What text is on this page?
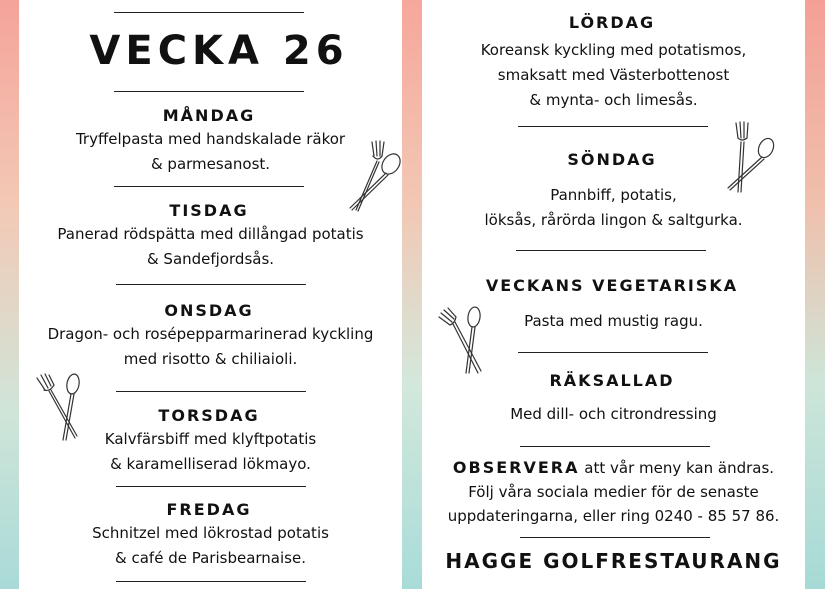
VECKA 26
MÅNDAG
Tryffelpasta med handskalade räkor
& parmesanost.
TISDAG
Panerad rödspätta med dillångad potatis
& Sandefjordsås.
ONSDAG
Dragon- och rosépepparmarinerad kyckling
med risotto & chiliaioli.
TORSDAG
Kalvfärsbiff med klyftpotatis
& karamelliserad lökmayo.
FREDAG
Schnitzel med lökrostad potatis
& café de Parisbearnaise.
LÖRDAG
Koreansk kyckling med potatismos,
smaksatt med Västerbottenost
& mynta- och limesås.
SÖNDAG
Pannbiff, potatis,
löksås, rårörda lingon & saltgurka.
VECKANS VEGETARISKA
Pasta med mustig ragu.
RÄKSALLAD
Med dill- och citrondressing
OBSERVERA att vår meny kan ändras.
Följ våra sociala medier för de senaste
uppdateringarna, eller ring 0240 - 85 57 86.
HAGGE GOLFRESTAURANG
